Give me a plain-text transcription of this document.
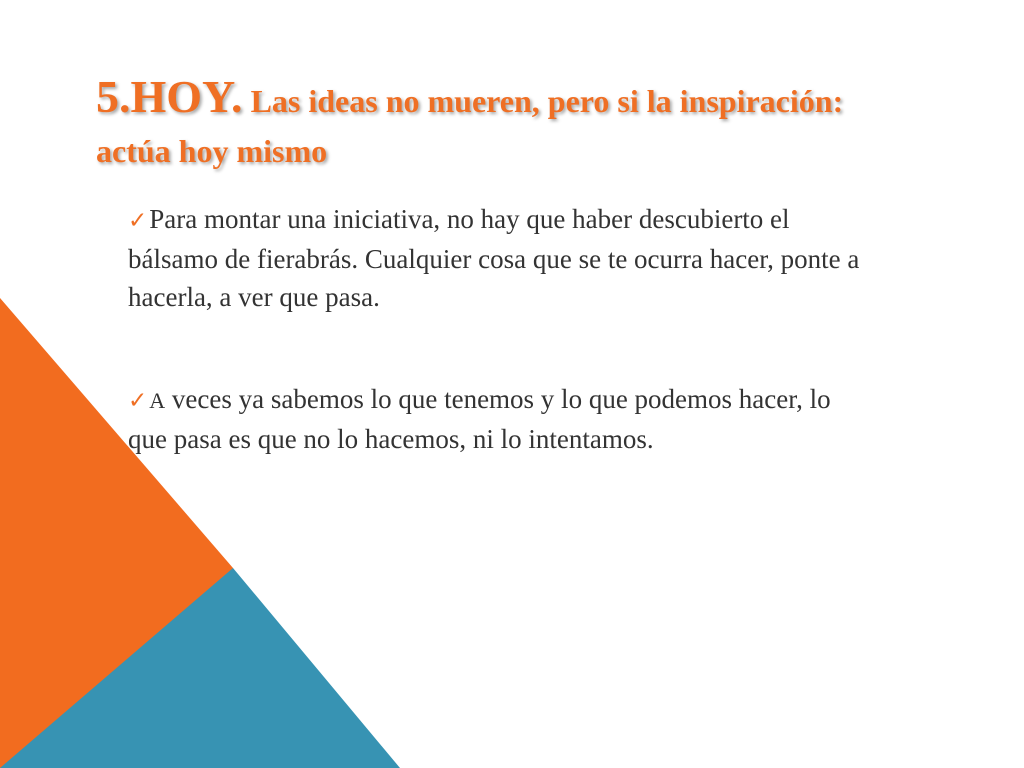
5.HOY. Las ideas no mueren, pero si la inspiración: actúa hoy mismo

✓Para montar una iniciativa, no hay que haber descubierto el bálsamo de fierabrás. Cualquier cosa que se te ocurra hacer, ponte a hacerla, a ver que pasa.

✓A veces ya sabemos lo que tenemos y lo que podemos hacer, lo que pasa es que no lo hacemos, ni lo intentamos.
